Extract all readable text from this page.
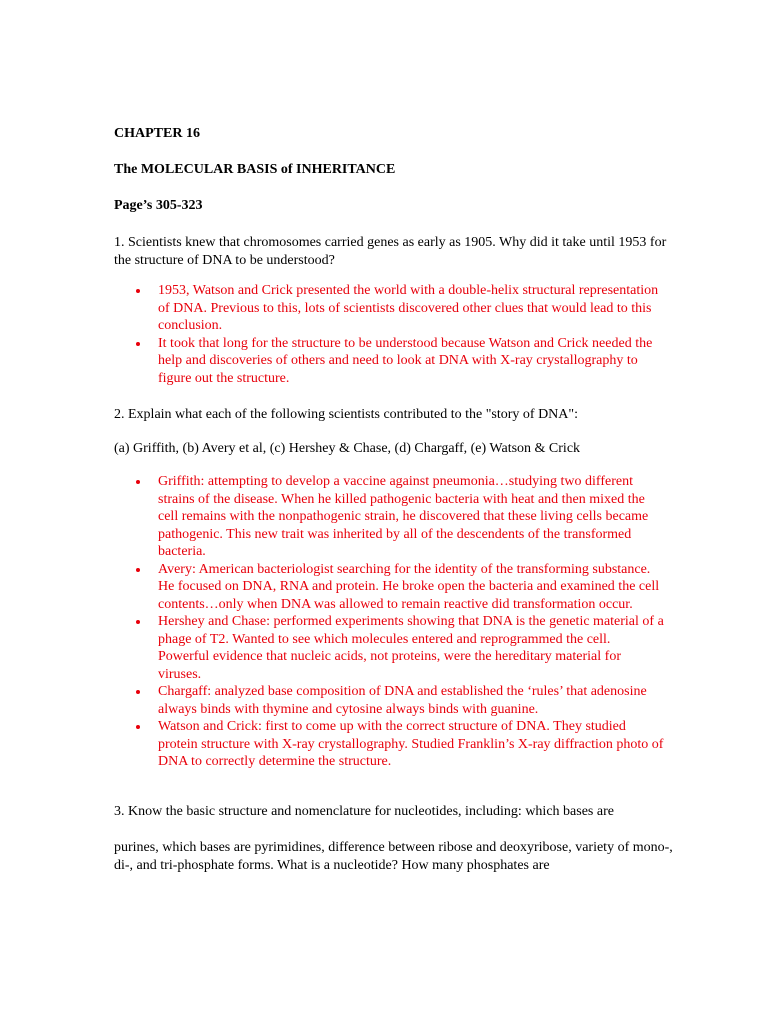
CHAPTER 16

The MOLECULAR BASIS of INHERITANCE

Page’s 305-323

1. Scientists knew that chromosomes carried genes as early as 1905. Why did it take until 1953 for the structure of DNA to be understood?

1953, Watson and Crick presented the world with a double-helix structural representation of DNA. Previous to this, lots of scientists discovered other clues that would lead to this conclusion.
It took that long for the structure to be understood because Watson and Crick needed the help and discoveries of others and need to look at DNA with X-ray crystallography to figure out the structure.

2. Explain what each of the following scientists contributed to the "story of DNA":

(a) Griffith, (b) Avery et al, (c) Hershey & Chase, (d) Chargaff, (e) Watson & Crick

Griffith: attempting to develop a vaccine against pneumonia…studying two different strains of the disease. When he killed pathogenic bacteria with heat and then mixed the cell remains with the nonpathogenic strain, he discovered that these living cells became pathogenic. This new trait was inherited by all of the descendents of the transformed bacteria.
Avery: American bacteriologist searching for the identity of the transforming substance. He focused on DNA, RNA and protein. He broke open the bacteria and examined the cell contents…only when DNA was allowed to remain reactive did transformation occur.
Hershey and Chase: performed experiments showing that DNA is the genetic material of a phage of T2. Wanted to see which molecules entered and reprogrammed the cell. Powerful evidence that nucleic acids, not proteins, were the hereditary material for viruses.
Chargaff: analyzed base composition of DNA and established the ‘rules’ that adenosine always binds with thymine and cytosine always binds with guanine.
Watson and Crick: first to come up with the correct structure of DNA. They studied protein structure with X-ray crystallography. Studied Franklin’s X-ray diffraction photo of DNA to correctly determine the structure.

3. Know the basic structure and nomenclature for nucleotides, including: which bases are

purines, which bases are pyrimidines, difference between ribose and deoxyribose, variety of mono-, di-, and tri-phosphate forms. What is a nucleotide? How many phosphates are
